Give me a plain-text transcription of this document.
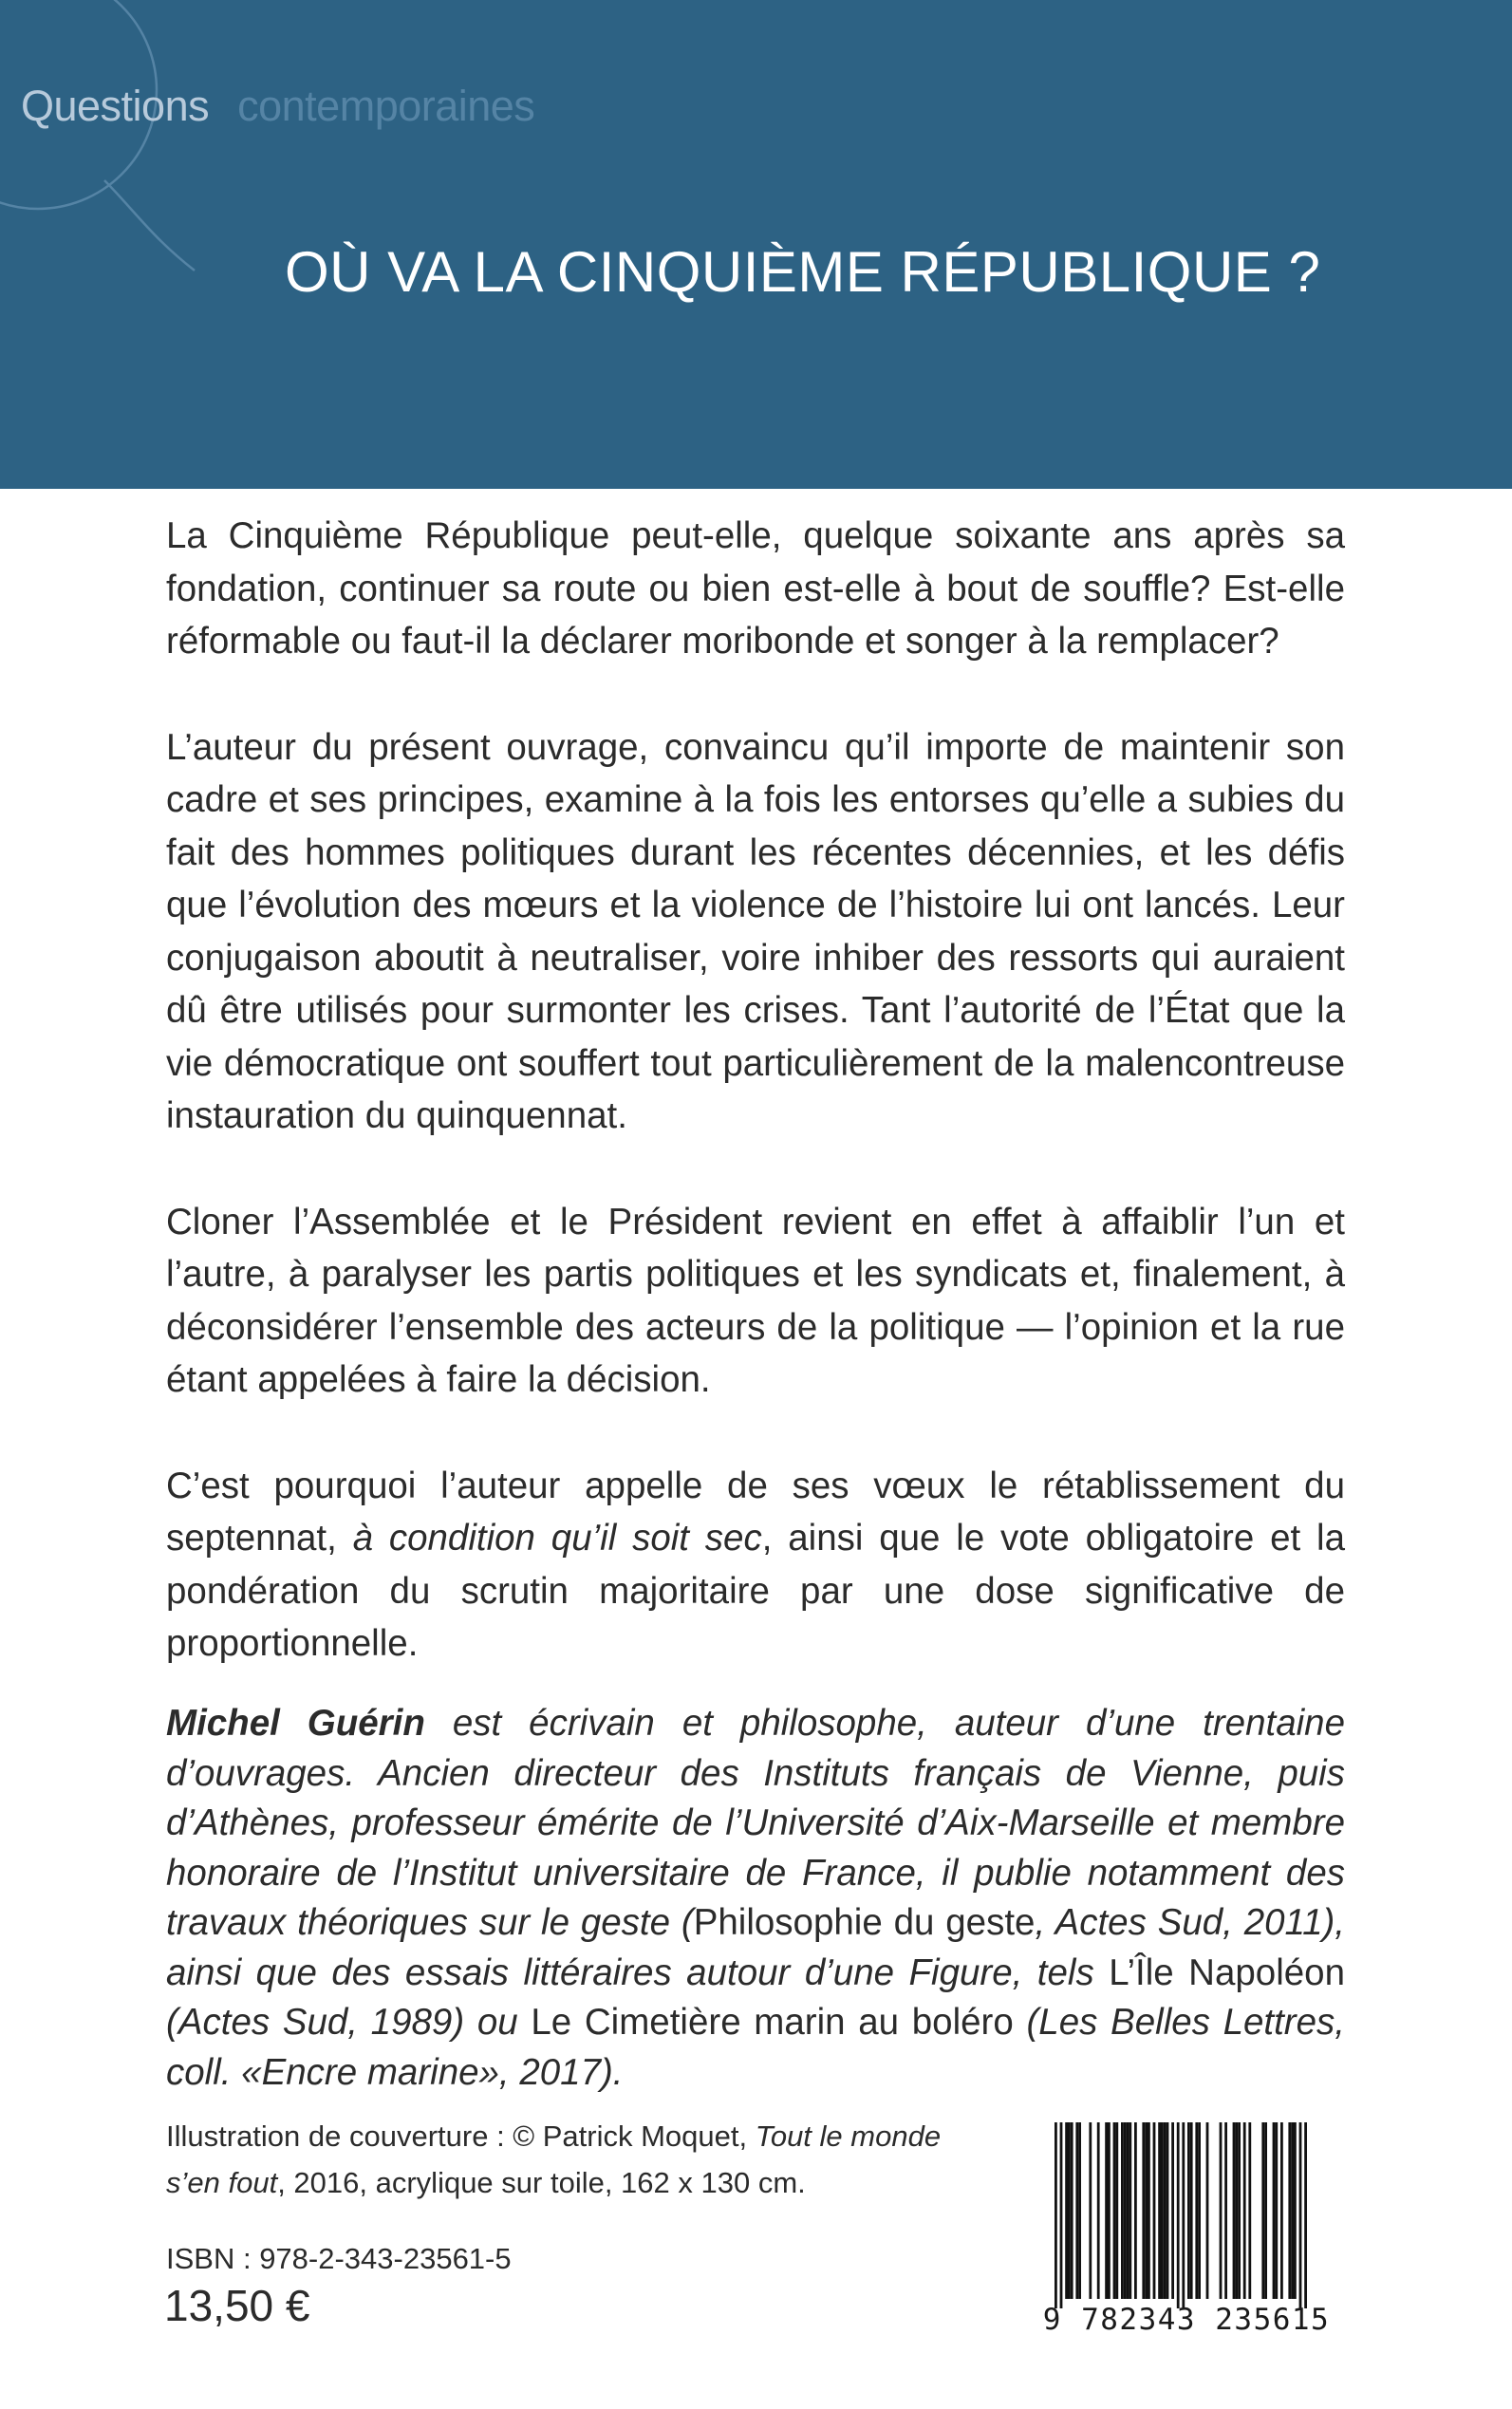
Questions contemporaines
OÙ VA LA CINQUIÈME RÉPUBLIQUE ?

La Cinquième République peut-elle, quelque soixante ans après sa fondation, continuer sa route ou bien est-elle à bout de souffle? Est-elle réformable ou faut-il la déclarer moribonde et songer à la remplacer?

L’auteur du présent ouvrage, convaincu qu’il importe de maintenir son cadre et ses principes, examine à la fois les entorses qu’elle a subies du fait des hommes politiques durant les récentes décennies, et les défis que l’évolution des mœurs et la violence de l’histoire lui ont lancés. Leur conjugaison aboutit à neutraliser, voire inhiber des ressorts qui auraient dû être utilisés pour surmonter les crises. Tant l’autorité de l’État que la vie démocratique ont souffert tout particulièrement de la malencontreuse instauration du quinquennat.

Cloner l’Assemblée et le Président revient en effet à affaiblir l’un et l’autre, à paralyser les partis politiques et les syndicats et, finalement, à déconsidérer l’ensemble des acteurs de la politique — l’opinion et la rue étant appelées à faire la décision.

C’est pourquoi l’auteur appelle de ses vœux le rétablissement du septennat, à condition qu’il soit sec, ainsi que le vote obligatoire et la pondération du scrutin majoritaire par une dose significative de proportionnelle.

Michel Guérin est écrivain et philosophe, auteur d’une trentaine d’ouvrages. Ancien directeur des Instituts français de Vienne, puis d’Athènes, professeur émérite de l’Université d’Aix-Marseille et membre honoraire de l’Institut universitaire de France, il publie notamment des travaux théoriques sur le geste (Philosophie du geste, Actes Sud, 2011), ainsi que des essais littéraires autour d’une Figure, tels L’Île Napoléon (Actes Sud, 1989) ou Le Cimetière marin au boléro (Les Belles Lettres, coll. «Encre marine», 2017).
Illustration de couverture : © Patrick Moquet, Tout le monde s’en fout, 2016, acrylique sur toile, 162 x 130 cm.
ISBN : 978-2-343-23561-5
13,50 €	9 782343 235615
